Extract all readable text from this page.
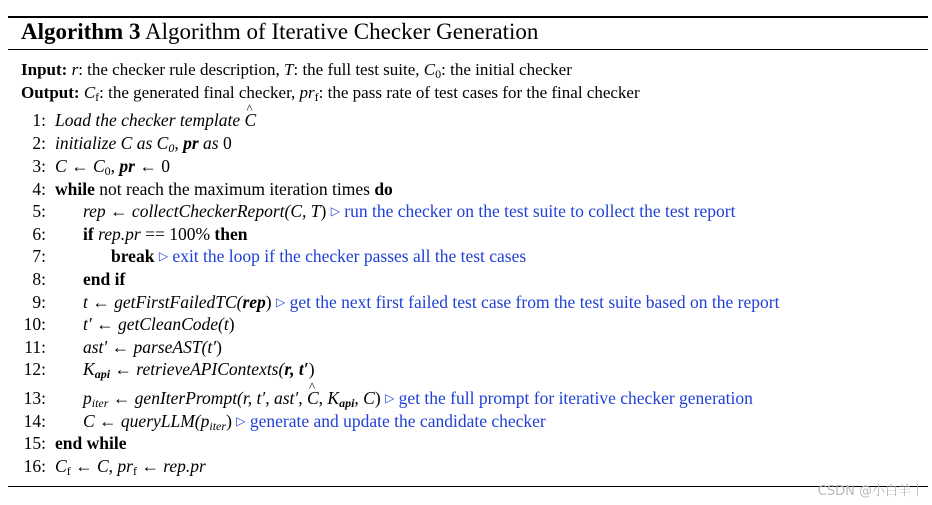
Algorithm 3 Algorithm of Iterative Checker Generation
Input: r: the checker rule description, T: the full test suite, $C_0$: the initial checker
Output: $C_f$: the generated final checker, $pr_f$: the pass rate of test cases for the final checker
1: Load the checker template C ^
2: initialize C as $C_0$, pr as 0
3: C ← $C_0$, pr ← 0
4: while not reach the maximum iteration times do
5: rep ← collectCheckerReport(C, T) ▷ run the checker on the test suite to collect the test report
6: if rep.pr == 100% then
7:	break ▷ exit the loop if the checker passes all the test cases
8: end if
9: t ← getFirstFailedTC(rep) ▷ get the next first failed test case from the test suite based on the report
10: t′ ← getCleanCode(t)
11: ast′ ← parseAST(t′)
12: $K_{api}$ ← retrieveAPIContexts(r, t′)
13: $p_{iter}$ ← genIterPrompt(r, t′, ast′, C ^, $K_{api}$, C) ▷ get the full prompt for iterative checker generation
14: C ← $queryLLM(p_{iter})$ ▷ generate and update the candidate checker
15: end while
16: $C_f$ ← C, $pr_f$ ← rep.pr
CSDN @小白羊丨
